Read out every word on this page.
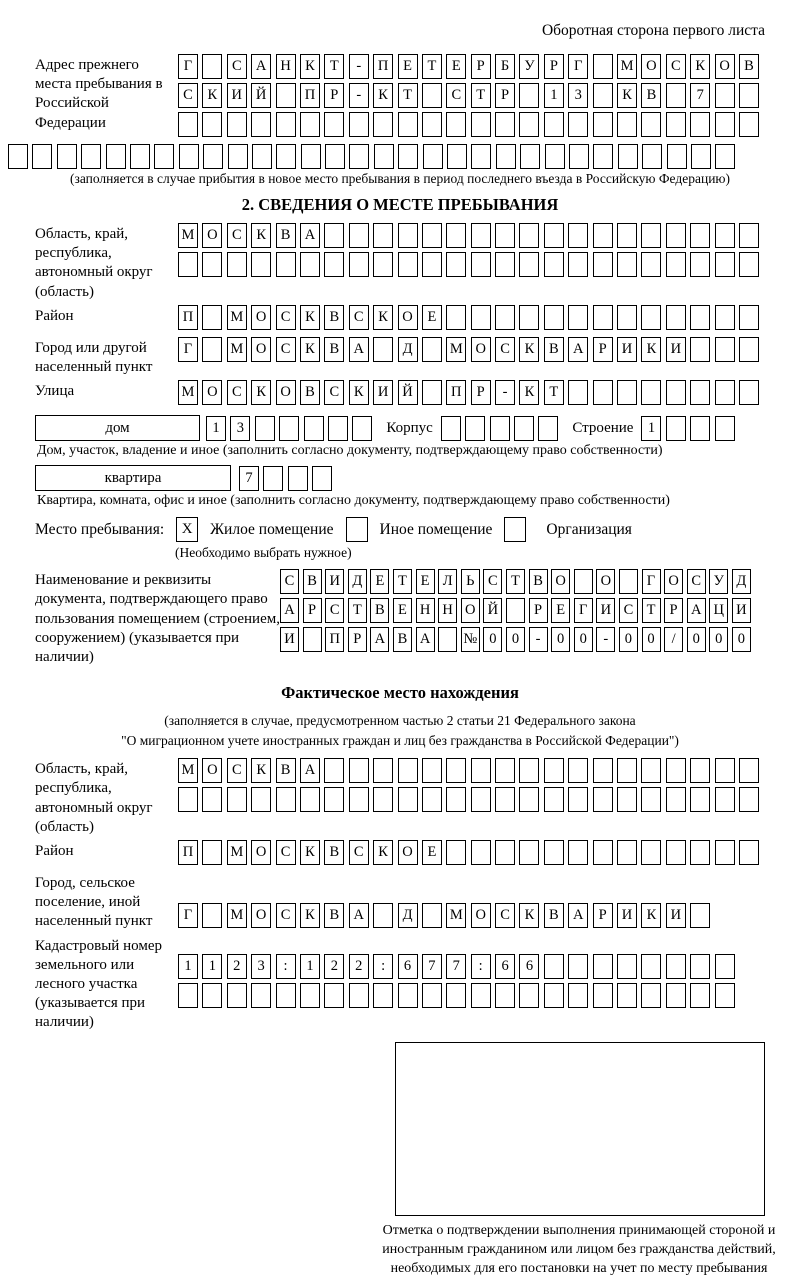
Оборотная сторона первого листа
Адрес прежнего места пребывания в Российской Федерации
Г	С А Н К	Т	-	П	Е	Т	Е	Р	Б	У	Р	Г	М О С	К О В
С	К И Й	П	Р	-	К	Т	С	Т	Р	1	3	К	В	7
(заполняется в случае прибытия в новое место пребывания в период последнего въезда в Российскую Федерацию)
2. СВЕДЕНИЯ О МЕСТЕ ПРЕБЫВАНИЯ
Область, край, республика, автономный округ (область)
М О С	К	В А
Район	П	М О С	К	В	С	К О	Е
Город или другой населенный пункт
Г	М О С	К	В А	Д	М О С	К	В А	Р	И К И
Улица	М О С	К О В	С	К И Й	П	Р	-	К	Т
дом	1	3	Корпус	Строение 1
Дом, участок, владение и иное (заполнить согласно документу, подтверждающему право собственности)
квартира	7
Квартира, комната, офис и иное (заполнить согласно документу, подтверждающему право собственности)
Место пребывания:	X	Жилое помещение	Иное помещение	Организация
(Необходимо выбрать нужное)
Наименование и реквизиты документа, подтверждающего право пользования помещением (строением, сооружением) (указывается при наличии)
С В И Д Е Т Е Л Ь С Т В О О	Г О С У Д
А Р С Т В Е Н Н О Й	Р Е Г И С Т Р А Ц И
И П Р А В А № 0	0	-	0	0	-	0	0	/	0	0	0
Фактическое место нахождения
(заполняется в случае, предусмотренном частью 2 статьи 21 Федерального закона
"О миграционном учете иностранных граждан и лиц без гражданства в Российской Федерации")
Область, край, республика, автономный округ (область)
М О С	К	В А
Район	П	М О С	К	В	С	К О	Е
Город, сельское поселение, иной населенный пункт	Г	М О С	К	В А	Д	М О С	К	В А	Р	И К И
Кадастровый номер земельного или лесного участка (указывается при наличии)
1	1	2	3	:	1	2	2	:	6	7	7	:	6	6
Отметка о подтверждении выполнения принимающей стороной и иностранным гражданином или лицом без гражданства действий, необходимых для его постановки на учет по месту пребывания
